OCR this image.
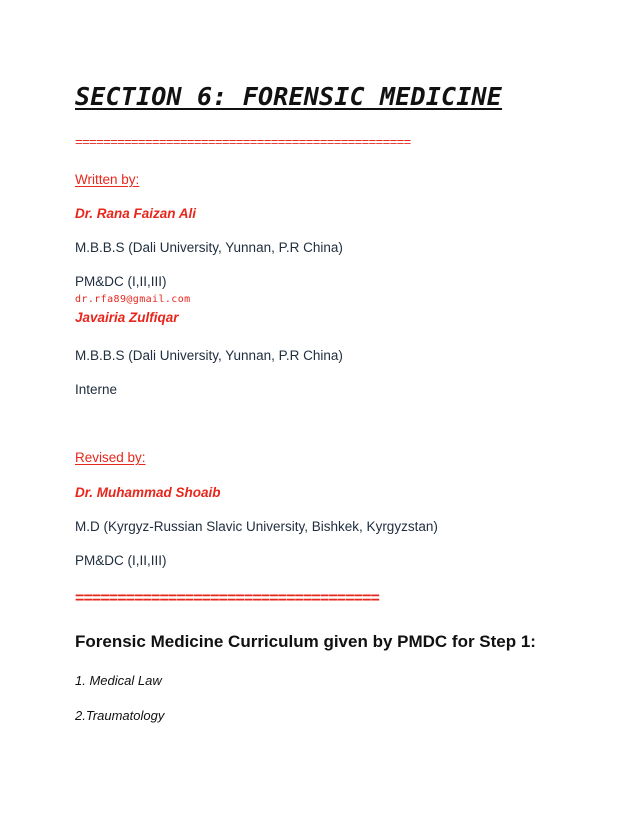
SECTION 6: FORENSIC MEDICINE
================================================
Written by:
Dr. Rana Faizan Ali
M.B.B.S (Dali University, Yunnan, P.R China)
PM&DC (I,II,III)
dr.rfa89@gmail.com
Javairia Zulfiqar
M.B.B.S (Dali University, Yunnan, P.R China)
Interne
Revised by:
Dr. Muhammad Shoaib
M.D (Kyrgyz-Russian Slavic University, Bishkek, Kyrgyzstan)
PM&DC (I,II,III)
====================================
Forensic Medicine Curriculum given by PMDC for Step 1:
1. Medical Law
2.Traumatology
